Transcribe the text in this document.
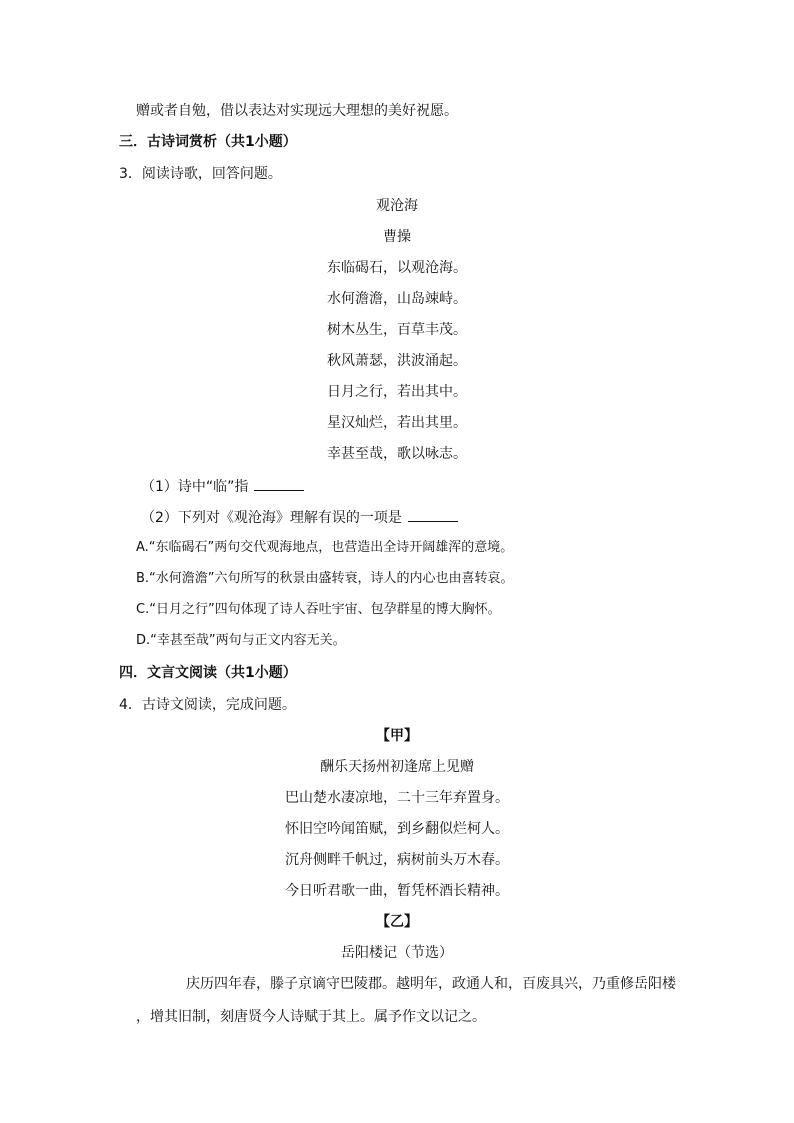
赠或者自勉，借以表达对实现远大理想的美好祝愿。
三．古诗词赏析（共1小题）
3．阅读诗歌，回答问题。
观沧海
曹操
东临碣石，以观沧海。
水何澹澹，山岛竦峙。
树木丛生，百草丰茂。
秋风萧瑟，洪波涌起。
日月之行，若出其中。
星汉灿烂，若出其里。
幸甚至哉，歌以咏志。
（1）诗中“临”指
（2）下列对《观沧海》理解有误的一项是
A.“东临碣石”两句交代观海地点，也营造出全诗开阔雄浑的意境。
B.“水何澹澹”六句所写的秋景由盛转衰，诗人的内心也由喜转哀。
C.“日月之行”四句体现了诗人吞吐宇宙、包孕群星的博大胸怀。
D.“幸甚至哉”两句与正文内容无关。
四．文言文阅读（共1小题）
4．古诗文阅读，完成问题。
【甲】
酬乐天扬州初逢席上见赠
巴山楚水凄凉地，二十三年弃置身。
怀旧空吟闻笛赋，到乡翻似烂柯人。
沉舟侧畔千帆过，病树前头万木春。
今日听君歌一曲，暂凭杯酒长精神。
【乙】
岳阳楼记（节选）
庆历四年春，滕子京谪守巴陵郡。越明年，政通人和，百废具兴，乃重修岳阳楼
，增其旧制，刻唐贤今人诗赋于其上。属予作文以记之。
